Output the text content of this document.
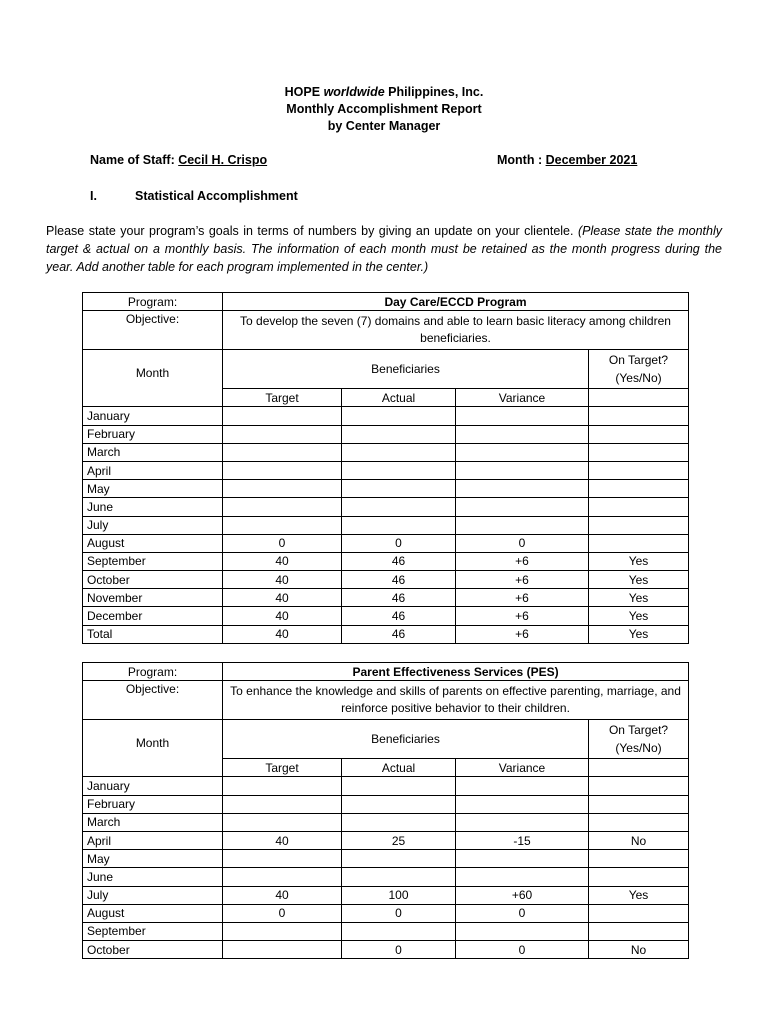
HOPE worldwide Philippines, Inc.
Monthly Accomplishment Report
by Center Manager
Name of Staff: Cecil H. Crispo	Month : December 2021
I.	Statistical Accomplishment
Please state your program’s goals in terms of numbers by giving an update on your clientele. (Please state the monthly target & actual on a monthly basis. The information of each month must be retained as the month progress during the year. Add another table for each program implemented in the center.)
Program:	Day Care/ECCD Program			
Objective:	To develop the seven (7) domains and able to learn basic literacy among children beneficiaries.			
Month	Beneficiaries			On Target?
(Yes/No)

	Target	Actual	Variance	
January				
February				
March				
April				
May				
June				
July				
August	0	0	0	
September	40	46	+6	Yes
October	40	46	+6	Yes
November	40	46	+6	Yes
December	40	46	+6	Yes
Total	40	46	+6	Yes
Program:	Parent Effectiveness Services (PES)			
Objective:	To enhance the knowledge and skills of parents on effective parenting, marriage, and reinforce positive behavior to their children.			
Month	Beneficiaries			On Target?
(Yes/No)

	Target	Actual	Variance	
January				
February				
March				
April	40	25	-15	No
May				
June				
July	40	100	+60	Yes
August	0	0	0	
September				
October		0	0	No
